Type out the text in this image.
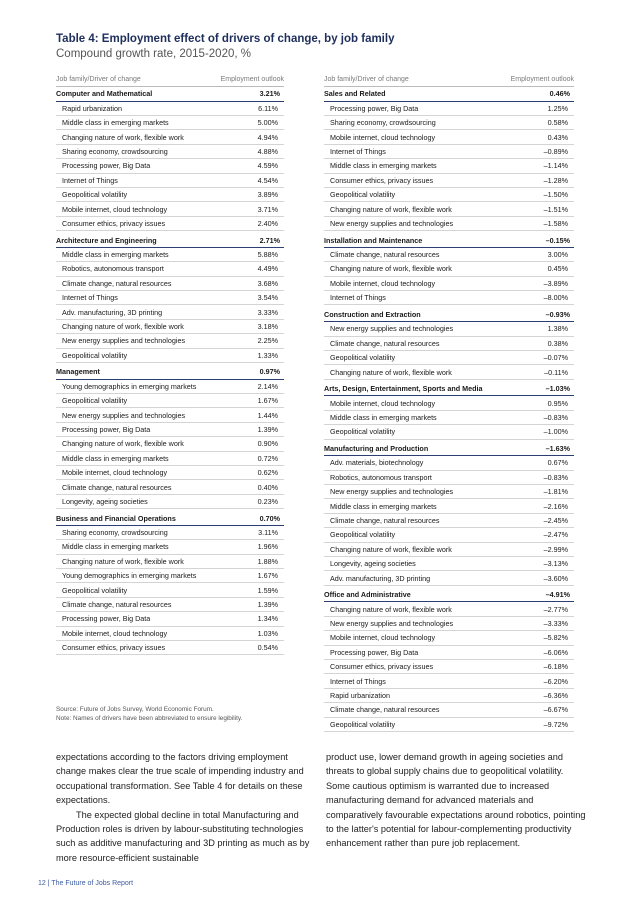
Table 4: Employment effect of drivers of change, by job family
Compound growth rate, 2015-2020, %
Job family/Driver of change	Employment outlook
Computer and Mathematical	3.21%
Rapid urbanization	6.11%
Middle class in emerging markets	5.00%
Changing nature of work, flexible work	4.94%
Sharing economy, crowdsourcing	4.88%
Processing power, Big Data	4.59%
Internet of Things	4.54%
Geopolitical volatility	3.89%
Mobile internet, cloud technology	3.71%
Consumer ethics, privacy issues	2.40%
Architecture and Engineering	2.71%
Middle class in emerging markets	5.88%
Robotics, autonomous transport	4.49%
Climate change, natural resources	3.68%
Internet of Things	3.54%
Adv. manufacturing, 3D printing	3.33%
Changing nature of work, flexible work	3.18%
New energy supplies and technologies	2.25%
Geopolitical volatility	1.33%
Management	0.97%
Young demographics in emerging markets	2.14%
Geopolitical volatility	1.67%
New energy supplies and technologies	1.44%
Processing power, Big Data	1.39%
Changing nature of work, flexible work	0.90%
Middle class in emerging markets	0.72%
Mobile internet, cloud technology	0.62%
Climate change, natural resources	0.40%
Longevity, ageing societies	0.23%
Business and Financial Operations	0.70%
Sharing economy, crowdsourcing	3.11%
Middle class in emerging markets	1.96%
Changing nature of work, flexible work	1.88%
Young demographics in emerging markets	1.67%
Geopolitical volatility	1.59%
Climate change, natural resources	1.39%
Processing power, Big Data	1.34%
Mobile internet, cloud technology	1.03%
Consumer ethics, privacy issues	0.54%
Job family/Driver of change	Employment outlook
Sales and Related	0.46%
Processing power, Big Data	1.25%
Sharing economy, crowdsourcing	0.58%
Mobile internet, cloud technology	0.43%
Internet of Things	–0.89%
Middle class in emerging markets	–1.14%
Consumer ethics, privacy issues	–1.28%
Geopolitical volatility	–1.50%
Changing nature of work, flexible work	–1.51%
New energy supplies and technologies	–1.58%
Installation and Maintenance	–0.15%
Climate change, natural resources	3.00%
Changing nature of work, flexible work	0.45%
Mobile internet, cloud technology	–3.89%
Internet of Things	–8.00%
Construction and Extraction	–0.93%
New energy supplies and technologies	1.38%
Climate change, natural resources	0.38%
Geopolitical volatility	–0.07%
Changing nature of work, flexible work	–0.11%
Arts, Design, Entertainment, Sports and Media	–1.03%
Mobile internet, cloud technology	0.95%
Middle class in emerging markets	–0.83%
Geopolitical volatility	–1.00%
Manufacturing and Production	–1.63%
Adv. materials, biotechnology	0.67%
Robotics, autonomous transport	–0.83%
New energy supplies and technologies	–1.81%
Middle class in emerging markets	–2.16%
Climate change, natural resources	–2.45%
Geopolitical volatility	–2.47%
Changing nature of work, flexible work	–2.99%
Longevity, ageing societies	–3.13%
Adv. manufacturing, 3D printing	–3.60%
Office and Administrative	–4.91%
Changing nature of work, flexible work	–2.77%
New energy supplies and technologies	–3.33%
Mobile internet, cloud technology	–5.82%
Processing power, Big Data	–6.06%
Consumer ethics, privacy issues	–6.18%
Internet of Things	–6.20%
Rapid urbanization	–6.36%
Climate change, natural resources	–6.67%
Geopolitical volatility	–9.72%
Source: Future of Jobs Survey, World Economic Forum.
Note: Names of drivers have been abbreviated to ensure legibility.

expectations according to the factors driving employment change makes clear the true scale of impending industry and occupational transformation. See Table 4 for details on these expectations.

The expected global decline in total Manufacturing and Production roles is driven by labour-substituting technologies such as additive manufacturing and 3D printing as much as by more resource-efficient sustainable

product use, lower demand growth in ageing societies and threats to global supply chains due to geopolitical volatility. Some cautious optimism is warranted due to increased manufacturing demand for advanced materials and comparatively favourable expectations around robotics, pointing to the latter's potential for labour-complementing productivity enhancement rather than pure job replacement.

12 | The Future of Jobs Report
